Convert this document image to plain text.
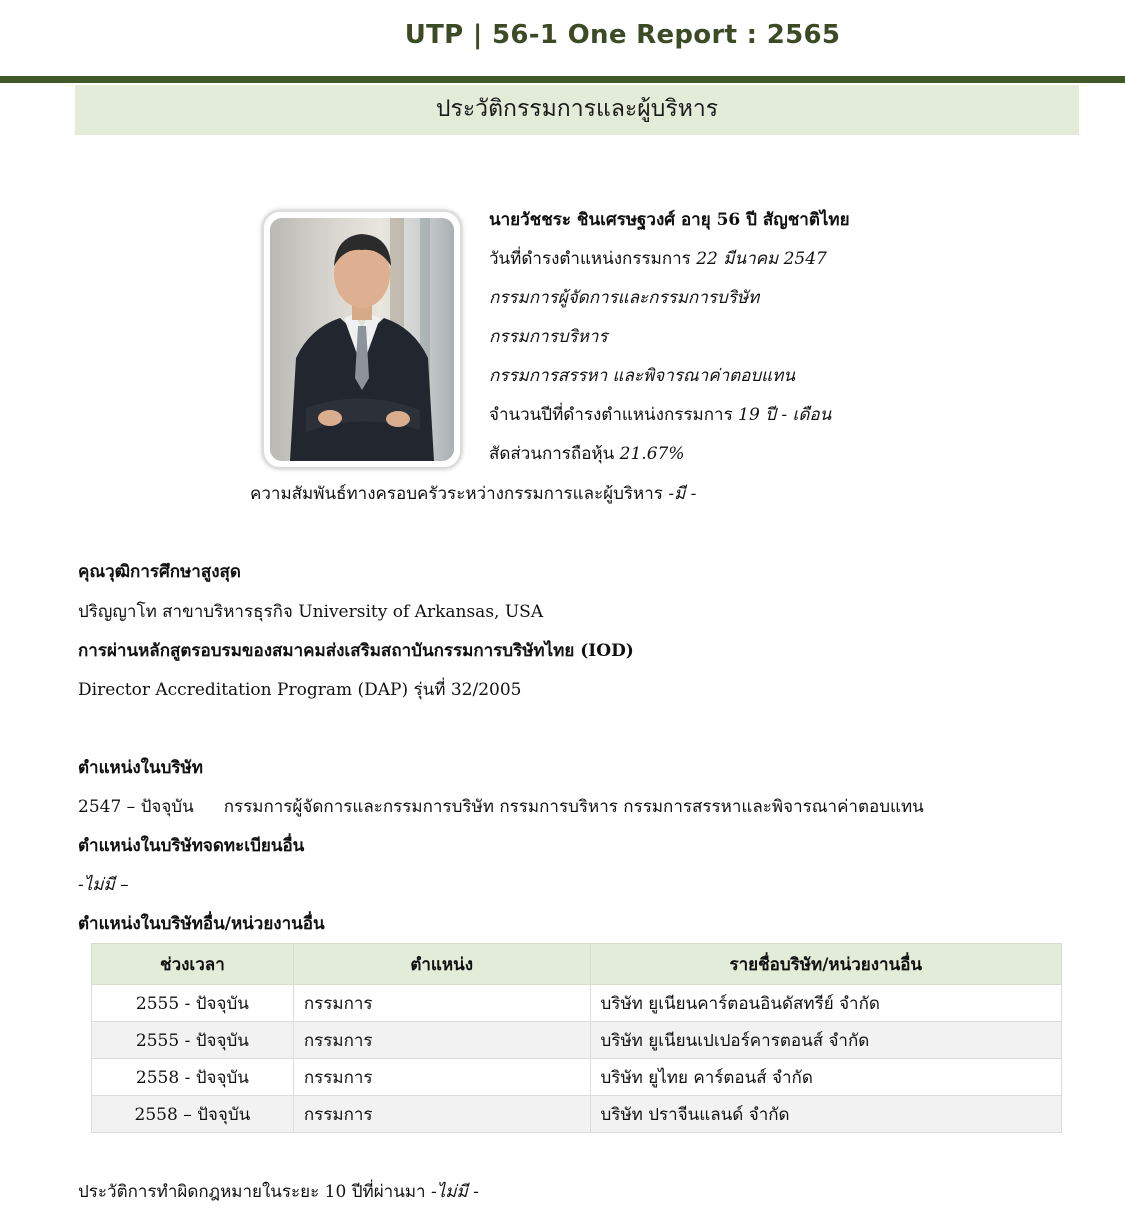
UTP | 56-1 One Report : 2565
ประวัติกรรมการและผู้บริหาร
นายวัชชระ ชินเศรษฐวงศ์ อายุ 56 ปี สัญชาติไทย
วันที่ดำรงตำแหน่งกรรมการ 22 มีนาคม 2547
กรรมการผู้จัดการและกรรมการบริษัท
กรรมการบริหาร
กรรมการสรรหา และพิจารณาค่าตอบแทน
จำนวนปีที่ดำรงตำแหน่งกรรมการ 19 ปี - เดือน
สัดส่วนการถือหุ้น 21.67%
ความสัมพันธ์ทางครอบครัวระหว่างกรรมการและผู้บริหาร -มี -
คุณวุฒิการศึกษาสูงสุด
ปริญญาโท สาขาบริหารธุรกิจ University of Arkansas, USA
การผ่านหลักสูตรอบรมของสมาคมส่งเสริมสถาบันกรรมการบริษัทไทย (IOD)
Director Accreditation Program (DAP) รุ่นที่ 32/2005
ตำแหน่งในบริษัท
2547 – ปัจจุบัน กรรมการผู้จัดการและกรรมการบริษัท กรรมการบริหาร กรรมการสรรหาและพิจารณาค่าตอบแทน
ตำแหน่งในบริษัทจดทะเบียนอื่น
-ไม่มี –
ตำแหน่งในบริษัทอื่น/หน่วยงานอื่น
ช่วงเวลา	ตำแหน่ง	รายชื่อบริษัท/หน่วยงานอื่น
2555 - ปัจจุบัน	กรรมการ	บริษัท ยูเนียนคาร์ตอนอินดัสทรีย์ จำกัด
2555 - ปัจจุบัน	กรรมการ	บริษัท ยูเนียนเปเปอร์คารตอนส์ จำกัด
2558 - ปัจจุบัน	กรรมการ	บริษัท ยูไทย คาร์ตอนส์ จำกัด
2558 – ปัจจุบัน	กรรมการ	บริษัท ปราจีนแลนด์ จำกัด
ประวัติการทำผิดกฎหมายในระยะ 10 ปีที่ผ่านมา -ไม่มี -
